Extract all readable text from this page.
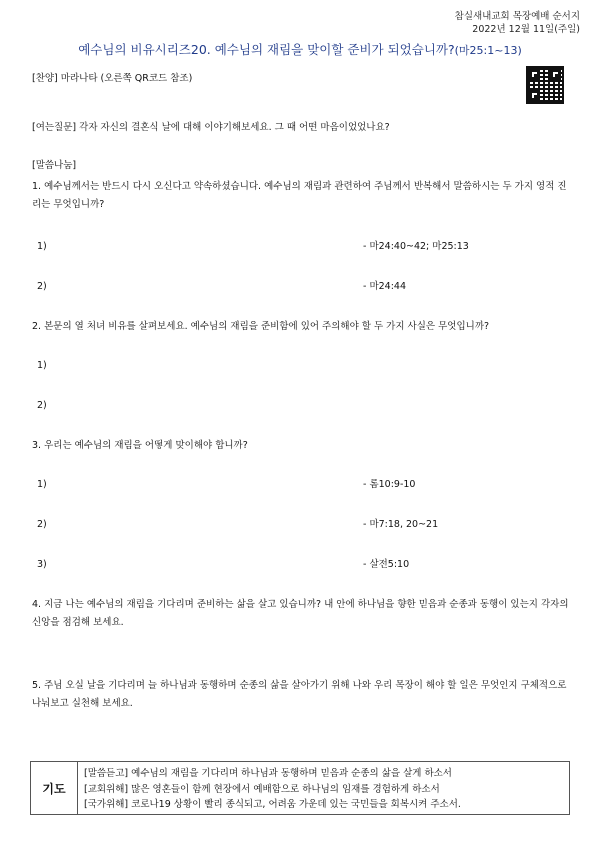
참실새내교회 목장예배 순서지
2022년 12월 11일(주일)
예수님의 비유시리즈20. 예수님의 재림을 맞이할 준비가 되었습니까?(마25:1~13)
[찬양] 마라나타 (오른쪽 QR코드 참조)
[여는질문] 각자 자신의 결혼식 날에 대해 이야기해보세요. 그 때 어떤 마음이었었나요?
[말씀나눔]
1. 예수님께서는 반드시 다시 오신다고 약속하셨습니다. 예수님의 재림과 관련하여 주님께서 반복해서 말씀하시는 두 가지 영적 진리는 무엇입니까?
1)	- 마24:40~42; 마25:13
2)	- 마24:44
2. 본문의 열 처녀 비유를 살펴보세요. 예수님의 재림을 준비함에 있어 주의해야 할 두 가지 사실은 무엇입니까?
1)
2)
3. 우리는 예수님의 재림을 어떻게 맞이해야 합니까?
1)	- 롬10:9-10
2)	- 마7:18, 20~21
3)	- 살전5:10
4. 지금 나는 예수님의 재림을 기다리며 준비하는 삶을 살고 있습니까? 내 안에 하나님을 향한 믿음과 순종과 동행이 있는지 각자의 신앙을 점검해 보세요.
5. 주님 오실 날을 기다리며 늘 하나님과 동행하며 순종의 삶을 살아가기 위해 나와 우리 목장이 해야 할 일은 무엇인지 구체적으로 나눠보고 실천해 보세요.
기도
[말씀듣고] 예수님의 재림을 기다리며 하나님과 동행하며 믿음과 순종의 삶을 살게 하소서
[교회위해] 많은 영혼들이 함께 현장에서 예배함으로 하나님의 임재를 경험하게 하소서
[국가위해] 코로나19 상황이 빨리 종식되고, 어려움 가운데 있는 국민들을 회복시켜 주소서.
